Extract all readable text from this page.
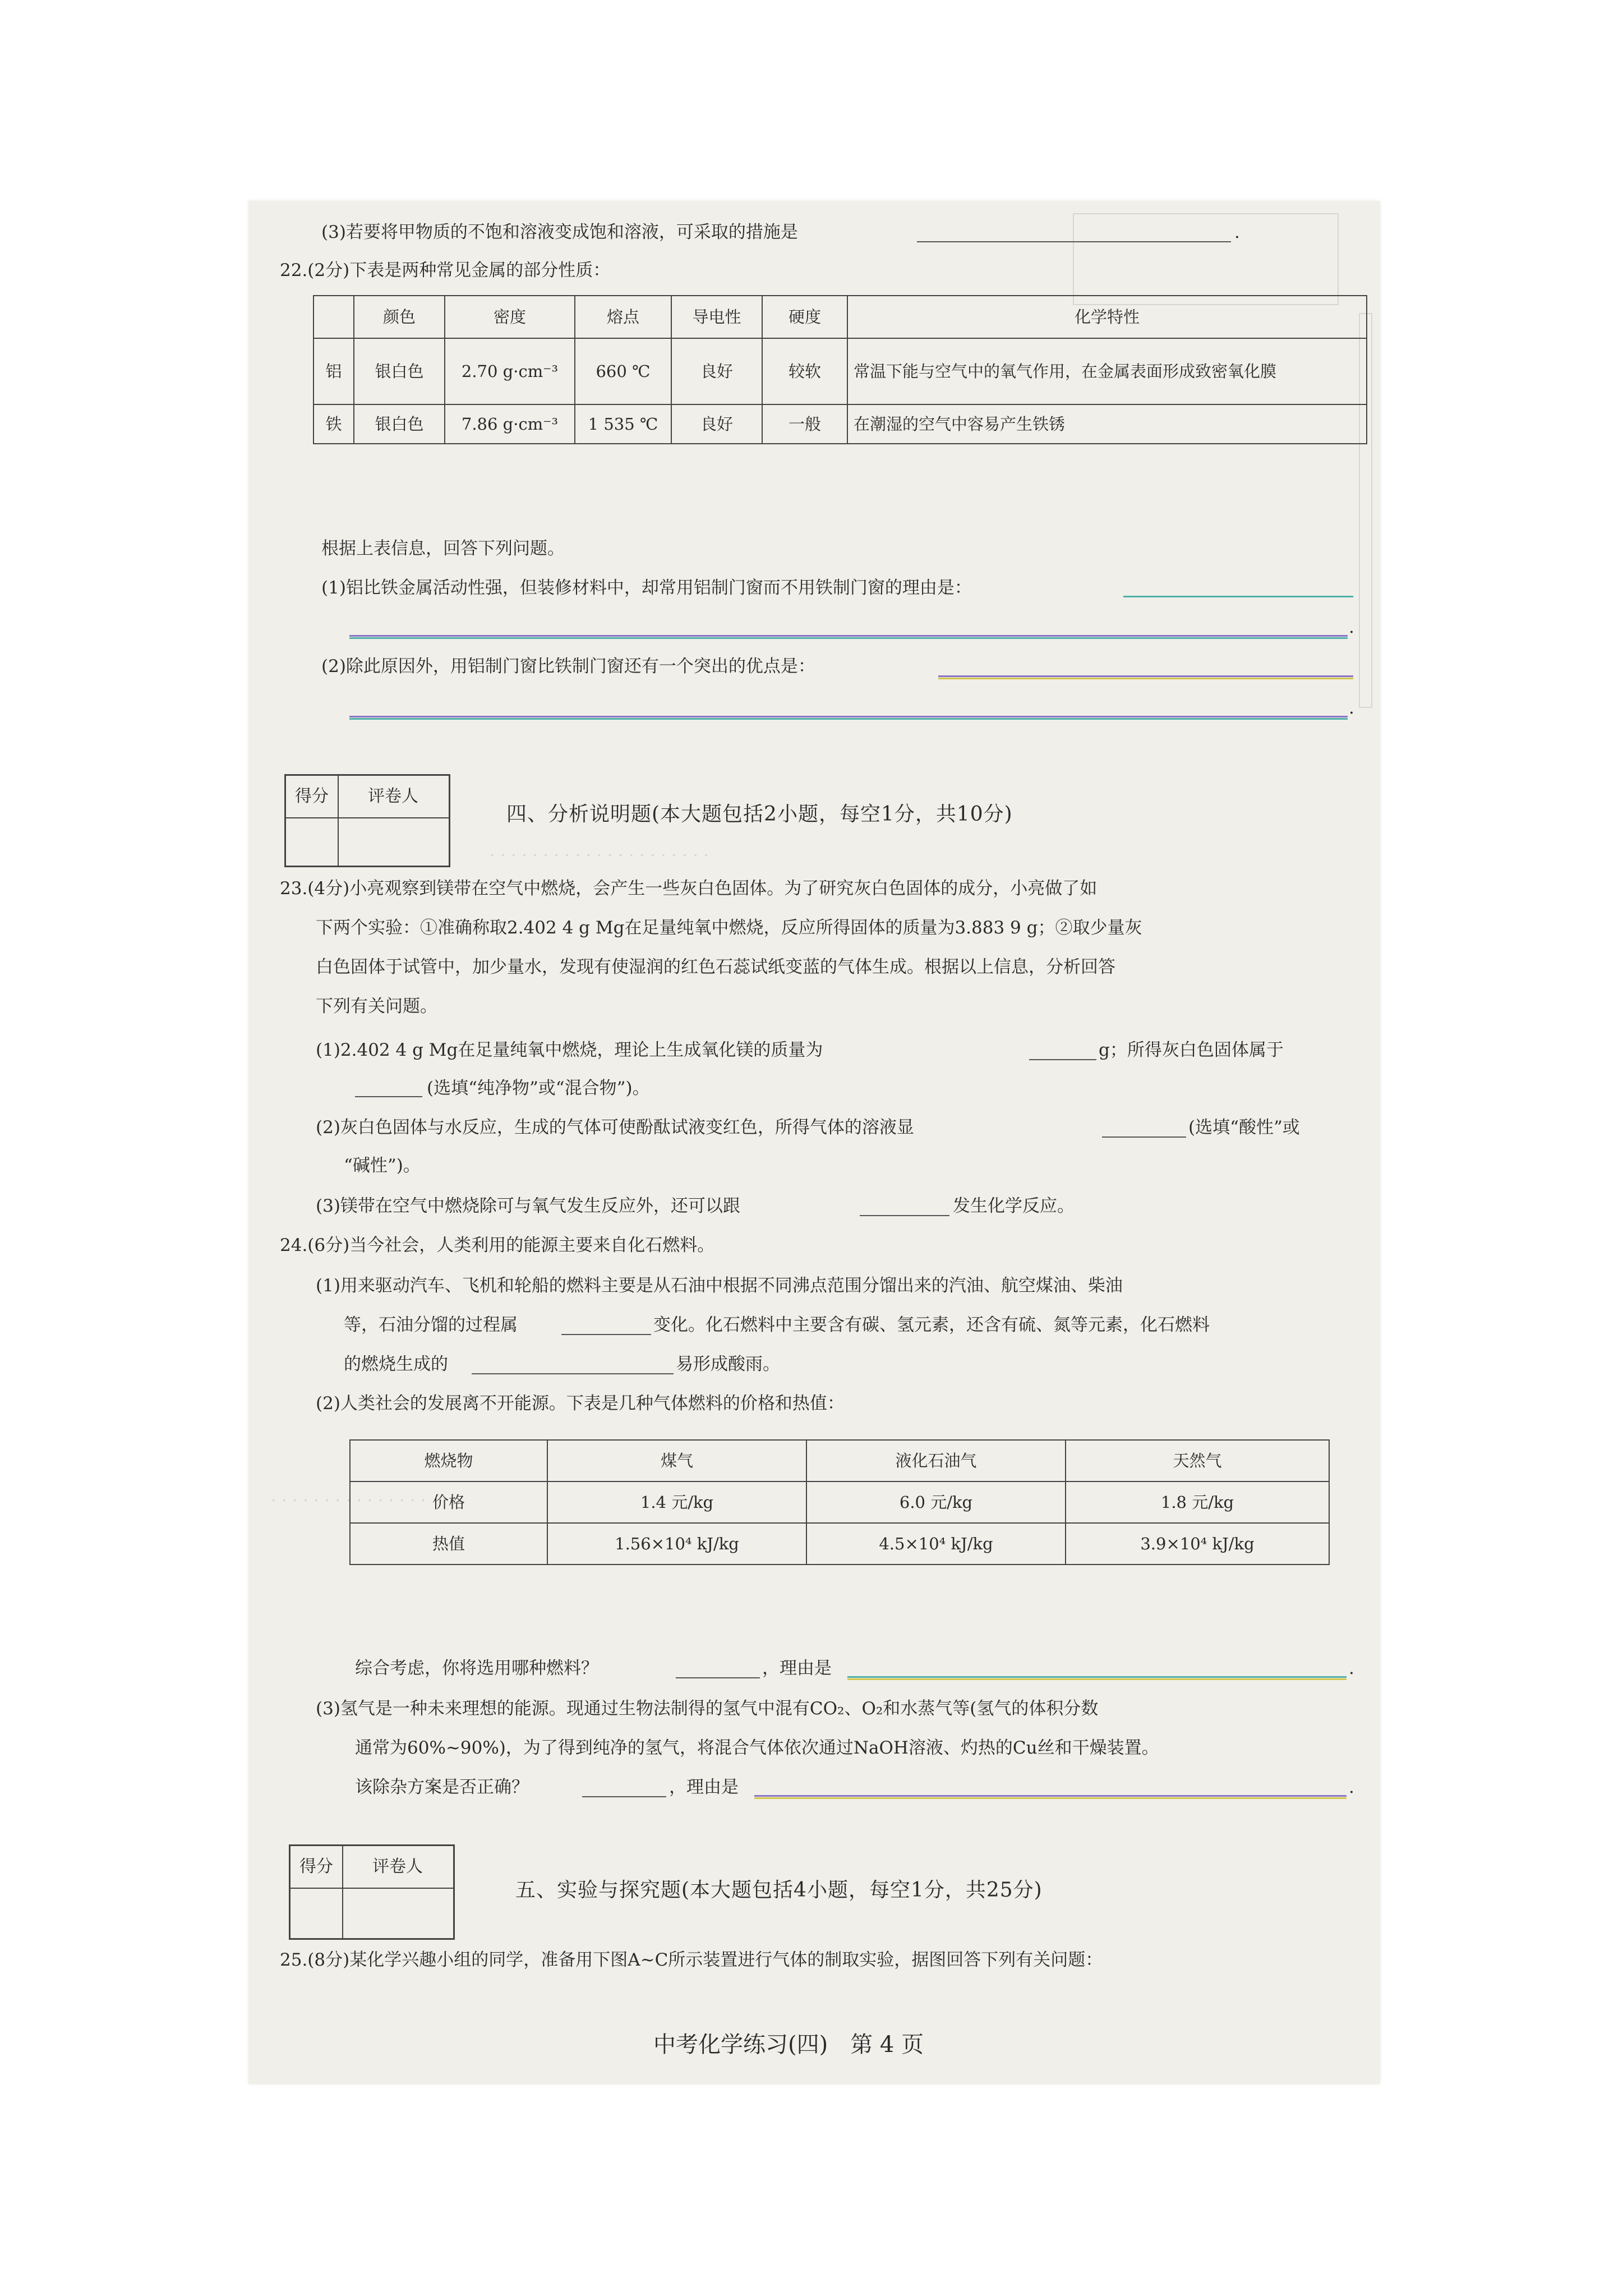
· · · · · · · · · · · · · · · · · · · · ·
· · · · · · · · · · · · · · ·
(3)若要将甲物质的不饱和溶液变成饱和溶液，可采取的措施是	.
22.(2分)下表是两种常见金属的部分性质：
	颜色	密度	熔点	导电性	硬度	化学特性
铝	银白色	2.70 g·cm⁻³	660 ℃	良好	较软	常温下能与空气中的氧气作用，在金属表面形成致密氧化膜
铁	银白色	7.86 g·cm⁻³	1 535 ℃	良好	一般	在潮湿的空气中容易产生铁锈
根据上表信息，回答下列问题。
(1)铝比铁金属活动性强，但装修材料中，却常用铝制门窗而不用铁制门窗的理由是：
.
(2)除此原因外，用铝制门窗比铁制门窗还有一个突出的优点是：
.
得分	评卷人
四、分析说明题(本大题包括2小题，每空1分，共10分)
23.(4分)小亮观察到镁带在空气中燃烧，会产生一些灰白色固体。为了研究灰白色固体的成分，小亮做了如
下两个实验：①准确称取2.402 4 g Mg在足量纯氧中燃烧，反应所得固体的质量为3.883 9 g；②取少量灰
白色固体于试管中，加少量水，发现有使湿润的红色石蕊试纸变蓝的气体生成。根据以上信息，分析回答
下列有关问题。
(1)2.402 4 g Mg在足量纯氧中燃烧，理论上生成氧化镁的质量为	g；所得灰白色固体属于
(选填“纯净物”或“混合物”)。
(2)灰白色固体与水反应，生成的气体可使酚酞试液变红色，所得气体的溶液显	(选填“酸性”或
“碱性”)。
(3)镁带在空气中燃烧除可与氧气发生反应外，还可以跟	发生化学反应。
24.(6分)当今社会，人类利用的能源主要来自化石燃料。
(1)用来驱动汽车、飞机和轮船的燃料主要是从石油中根据不同沸点范围分馏出来的汽油、航空煤油、柴油
等，石油分馏的过程属	变化。化石燃料中主要含有碳、氢元素，还含有硫、氮等元素，化石燃料
的燃烧生成的	易形成酸雨。
(2)人类社会的发展离不开能源。下表是几种气体燃料的价格和热值：
燃烧物	煤气	液化石油气	天然气
价格	1.4 元/kg	6.0 元/kg	1.8 元/kg
热值	1.56×10⁴ kJ/kg	4.5×10⁴ kJ/kg	3.9×10⁴ kJ/kg
综合考虑，你将选用哪种燃料？	，理由是	.
(3)氢气是一种未来理想的能源。现通过生物法制得的氢气中混有CO₂、O₂和水蒸气等(氢气的体积分数
通常为60%~90%)，为了得到纯净的氢气，将混合气体依次通过NaOH溶液、灼热的Cu丝和干燥装置。
该除杂方案是否正确？	，理由是	.
得分	评卷人
五、实验与探究题(本大题包括4小题，每空1分，共25分)
25.(8分)某化学兴趣小组的同学，准备用下图A~C所示装置进行气体的制取实验，据图回答下列有关问题：
中考化学练习(四)　第 4 页
